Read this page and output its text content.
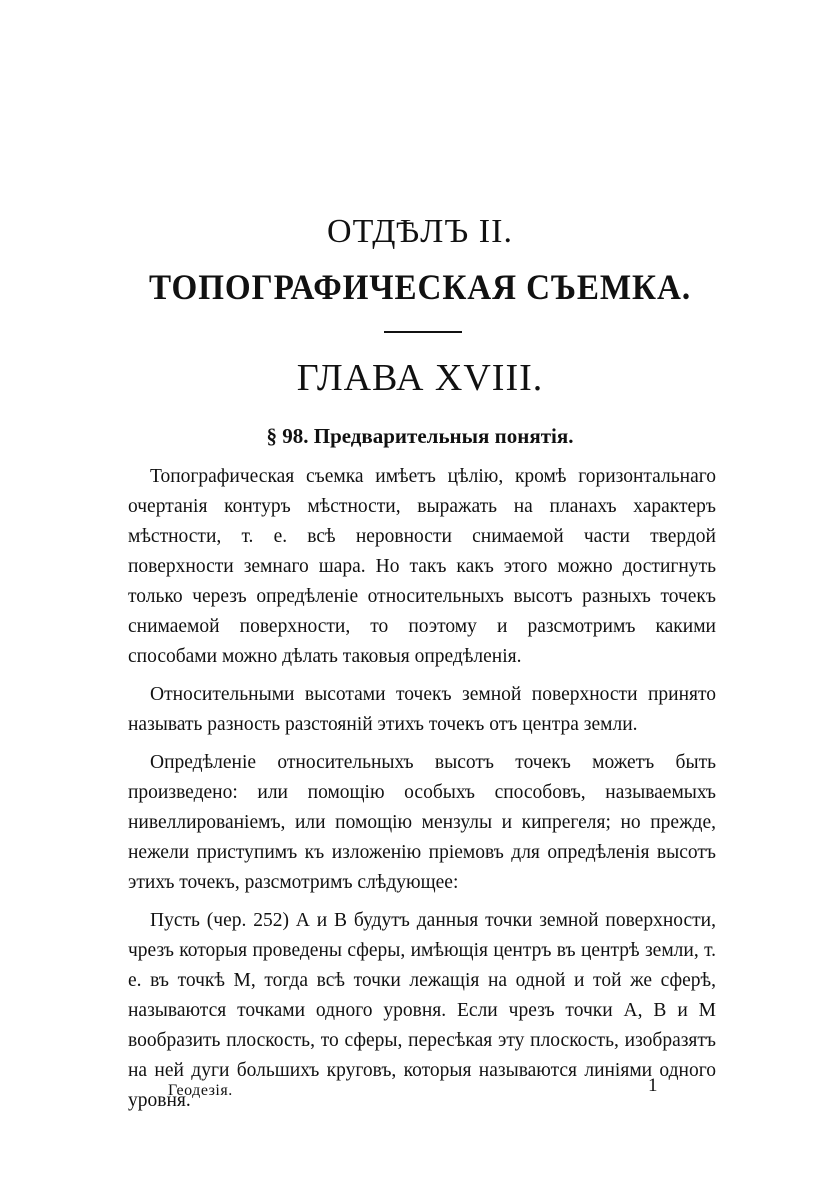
ОТДѢЛЪ II.
ТОПОГРАФИЧЕСКАЯ СЪЕМКА.
ГЛАВА XVIII.
§ 98. Предварительныя понятія.

Топографическая съемка имѣетъ цѣлію, кромѣ горизонтальнаго очертанія контуръ мѣстности, выражать на планахъ характеръ мѣстности, т. е. всѣ неровности снимаемой части твердой поверхности земнаго шара. Но такъ какъ этого можно достигнуть только черезъ опредѣленіе относительныхъ высотъ разныхъ точекъ снимаемой поверхности, то поэтому и разсмотримъ какими способами можно дѣлать таковыя опредѣленія.

Относительными высотами точекъ земной поверхности принято называть разность разстояній этихъ точекъ отъ центра земли.

Опредѣленіе относительныхъ высотъ точекъ можетъ быть произведено: или помощію особыхъ способовъ, называемыхъ нивеллированіемъ, или помощію мензулы и кипрегеля; но прежде, нежели приступимъ къ изложенію пріемовъ для опредѣленія высотъ этихъ точекъ, разсмотримъ слѣдующее:

Пусть (чер. 252) А и В будутъ данныя точки земной поверхности, чрезъ которыя проведены сферы, имѣющія центръ въ центрѣ земли, т. е. въ точкѣ М, тогда всѣ точки лежащія на одной и той же сферѣ, называются точками одного уровня. Если чрезъ точки А, В и М вообразить плоскость, то сферы, пересѣкая эту плоскость, изобразятъ на ней дуги большихъ круговъ, которыя называются линіями одного уровня.

Геодезія.	1
